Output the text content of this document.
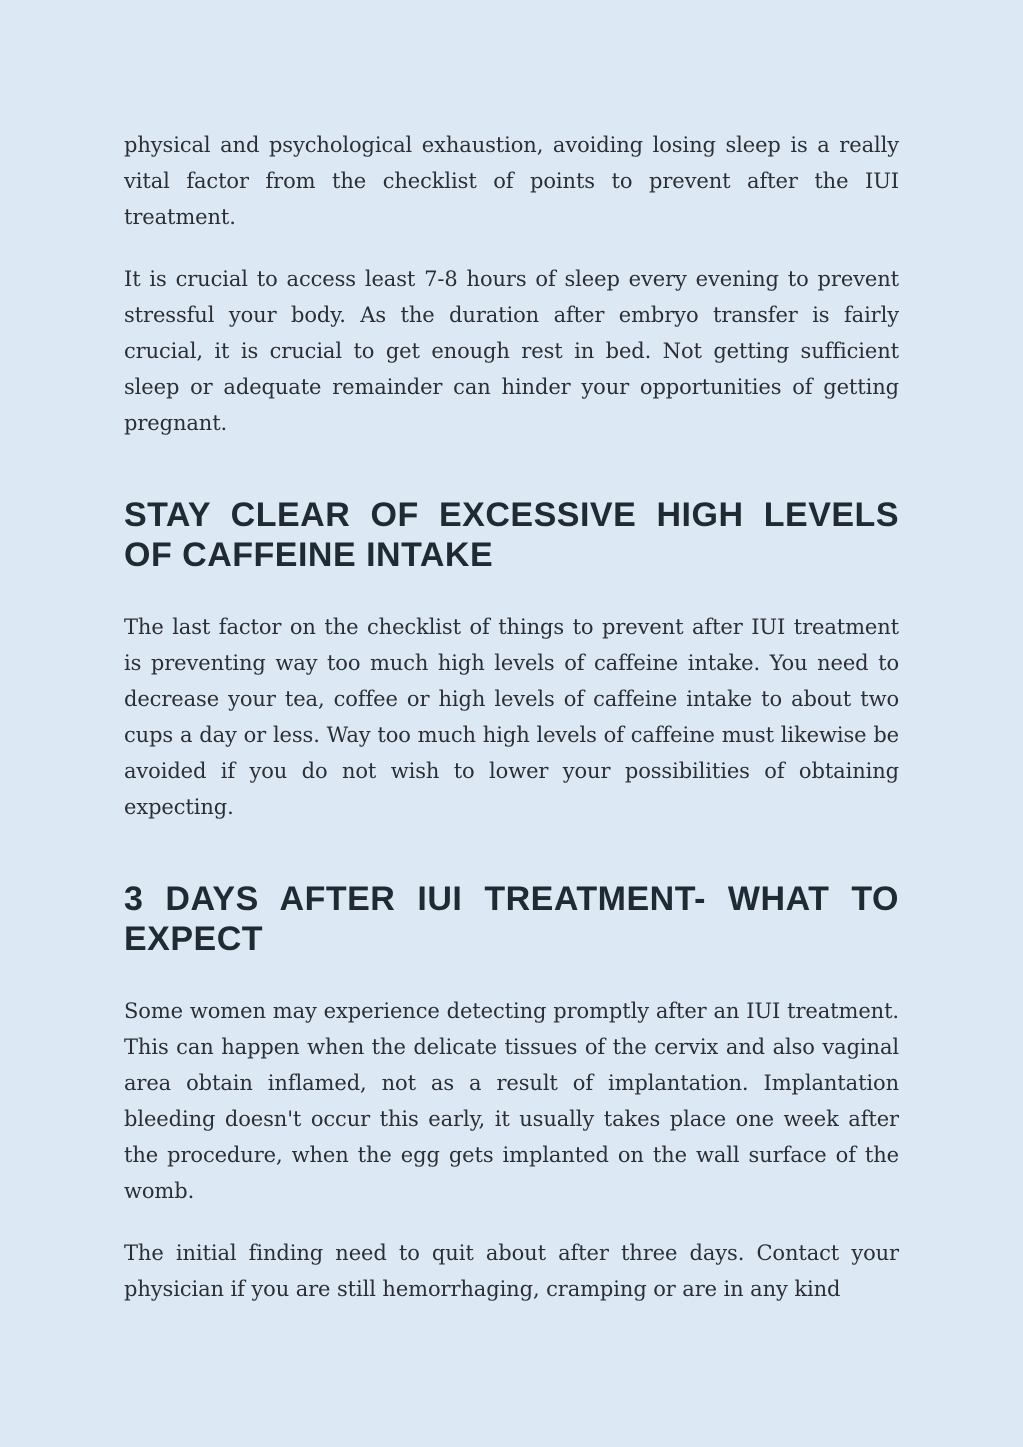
physical and psychological exhaustion, avoiding losing sleep is a really vital factor from the checklist of points to prevent after the IUI treatment.

It is crucial to access least 7-8 hours of sleep every evening to prevent stressful your body. As the duration after embryo transfer is fairly crucial, it is crucial to get enough rest in bed. Not getting sufficient sleep or adequate remainder can hinder your opportunities of getting pregnant.

STAY CLEAR OF EXCESSIVE HIGH LEVELS OF CAFFEINE INTAKE

The last factor on the checklist of things to prevent after IUI treatment is preventing way too much high levels of caffeine intake. You need to decrease your tea, coffee or high levels of caffeine intake to about two cups a day or less. Way too much high levels of caffeine must likewise be avoided if you do not wish to lower your possibilities of obtaining expecting.

3 DAYS AFTER IUI TREATMENT- WHAT TO EXPECT

Some women may experience detecting promptly after an IUI treatment. This can happen when the delicate tissues of the cervix and also vaginal area obtain inflamed, not as a result of implantation. Implantation bleeding doesn't occur this early, it usually takes place one week after the procedure, when the egg gets implanted on the wall surface of the womb.

The initial finding need to quit about after three days. Contact your physician if you are still hemorrhaging, cramping or are in any kind
